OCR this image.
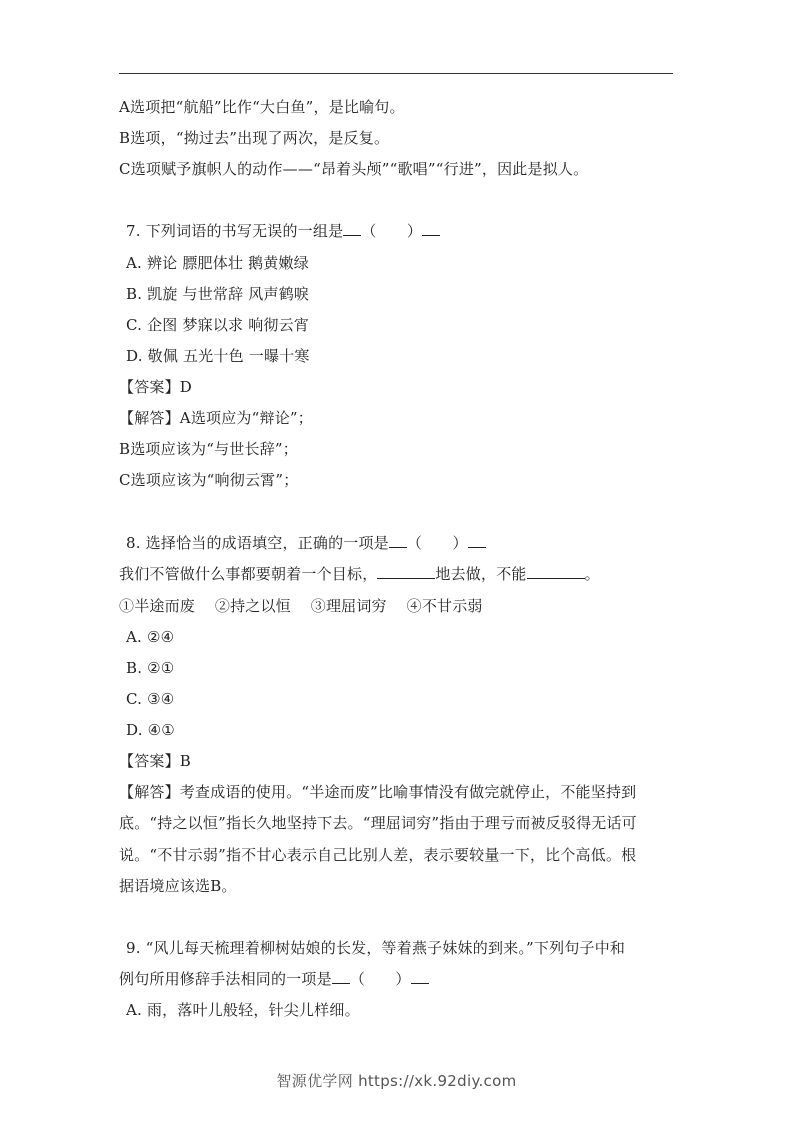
A选项把“航船”比作“大白鱼”，是比喻句。
B选项，“拗过去”出现了两次，是反复。
C选项赋予旗帜人的动作——“昂着头颅”“歌唱”“行进”，因此是拟人。
7. 下列词语的书写无误的一组是 （　　）
A. 辨论 膘肥体壮 鹅黄嫩绿
B. 凯旋 与世常辞 风声鹤唳
C. 企图 梦寐以求 响彻云宵
D. 敬佩 五光十色 一曝十寒
【答案】D
【解答】A选项应为“辩论”；
B选项应该为“与世长辞”；
C选项应该为“响彻云霄”；
8. 选择恰当的成语填空，正确的一项是 （　　）
我们不管做什么事都要朝着一个目标，	地去做，不能	。
①半途而废    ②持之以恒    ③理屈词穷    ④不甘示弱
A. ②④
B. ②①
C. ③④
D. ④①
【答案】B
【解答】考查成语的使用。“半途而废”比喻事情没有做完就停止，不能坚持到
底。“持之以恒”指长久地坚持下去。“理屈词穷”指由于理亏而被反驳得无话可
说。“不甘示弱”指不甘心表示自己比别人差，表示要较量一下，比个高低。根
据语境应该选B。
9. “风儿每天梳理着柳树姑娘的长发，等着燕子妹妹的到来。”下列句子中和
例句所用修辞手法相同的一项是 （　　）
A. 雨，落叶儿般轻，针尖儿样细。
智源优学网 https://xk.92diy.com
